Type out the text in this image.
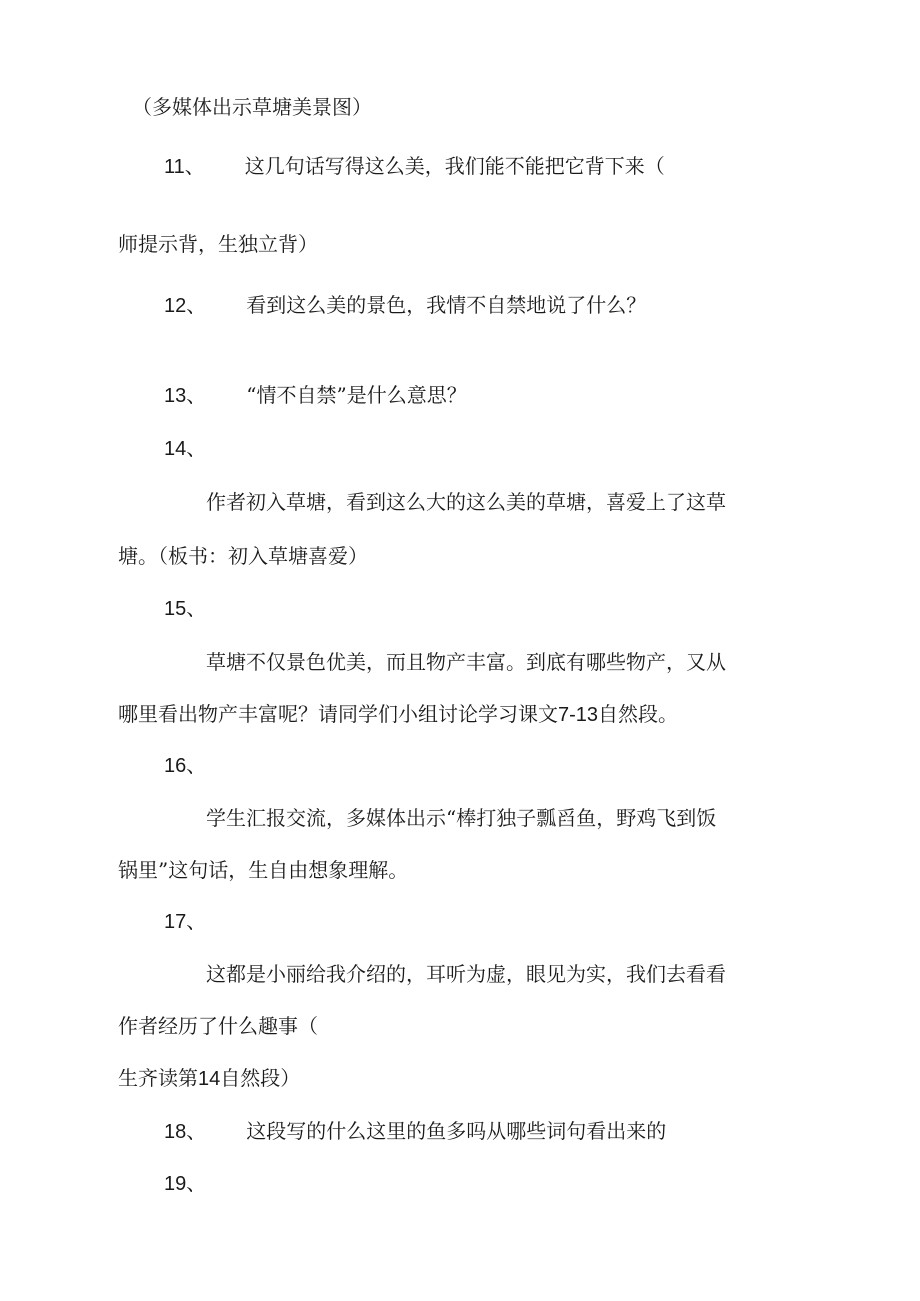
（多媒体出示草塘美景图）
11、 这几句话写得这么美，我们能不能把它背下来（
师提示背，生独立背）
12、 看到这么美的景色，我情不自禁地说了什么？
13、 “情不自禁”是什么意思？
14、
作者初入草塘，看到这么大的这么美的草塘，喜爱上了这草
塘。（板书：初入草塘喜爱）
15、
草塘不仅景色优美，而且物产丰富。到底有哪些物产，又从
哪里看出物产丰富呢？请同学们小组讨论学习课文7-13自然段。
16、
学生汇报交流，多媒体出示“棒打独子瓢舀鱼，野鸡飞到饭
锅里”这句话，生自由想象理解。
17、
这都是小丽给我介绍的，耳听为虚，眼见为实，我们去看看
作者经历了什么趣事（
生齐读第14自然段）
18、 这段写的什么这里的鱼多吗从哪些词句看出来的
19、
